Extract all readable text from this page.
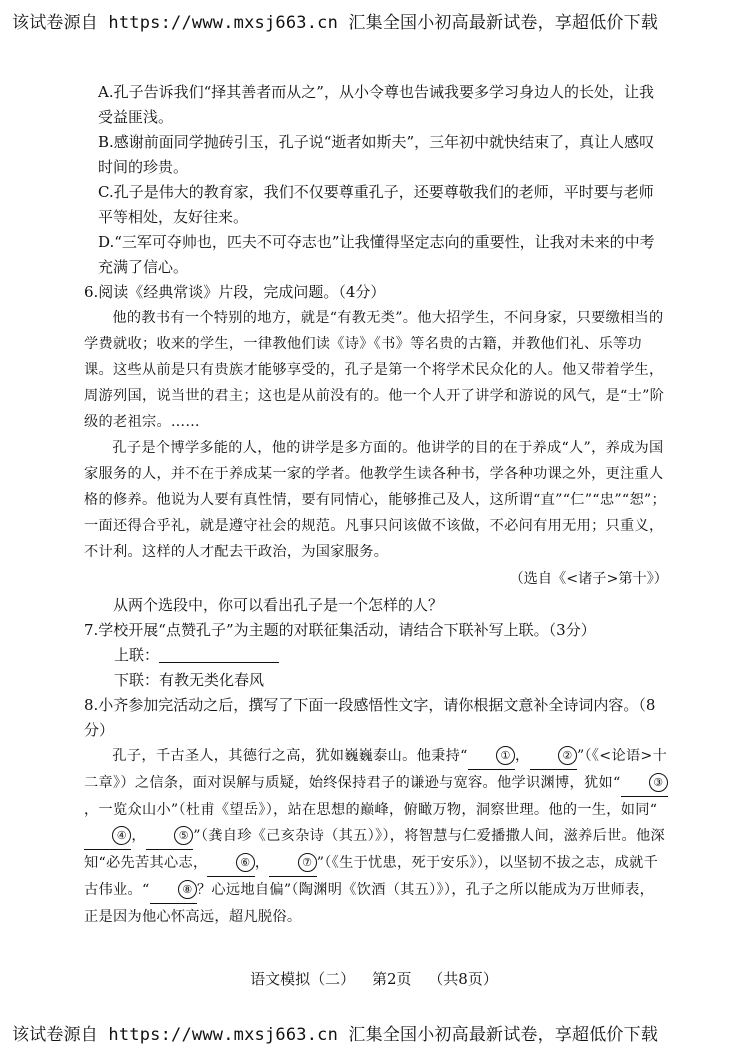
该试卷源自 https://www.mxsj663.cn 汇集全国小初高最新试卷，享超低价下载

A.孔子告诉我们“择其善者而从之”，从小令尊也告诫我要多学习身边人的长处，让我受益匪浅。

B.感谢前面同学抛砖引玉，孔子说“逝者如斯夫”，三年初中就快结束了，真让人感叹时间的珍贵。

C.孔子是伟大的教育家，我们不仅要尊重孔子，还要尊敬我们的老师，平时要与老师平等相处，友好往来。

D.“三军可夺帅也，匹夫不可夺志也”让我懂得坚定志向的重要性，让我对未来的中考充满了信心。

6.阅读《经典常谈》片段，完成问题。（4分）

他的教书有一个特别的地方，就是“有教无类”。他大招学生，不问身家，只要缴相当的学费就收；收来的学生，一律教他们读《诗》《书》等名贵的古籍，并教他们礼、乐等功课。这些从前是只有贵族才能够享受的，孔子是第一个将学术民众化的人。他又带着学生，周游列国，说当世的君主；这也是从前没有的。他一个人开了讲学和游说的风气，是“士”阶级的老祖宗。……

孔子是个博学多能的人，他的讲学是多方面的。他讲学的目的在于养成“人”，养成为国家服务的人，并不在于养成某一家的学者。他教学生读各种书，学各种功课之外，更注重人格的修养。他说为人要有真性情，要有同情心，能够推己及人，这所谓“直”“仁”“忠”“恕”；一面还得合乎礼，就是遵守社会的规范。凡事只问该做不该做，不必问有用无用；只重义，不计利。这样的人才配去干政治，为国家服务。

（选自《<诸子>第十》）

从两个选段中，你可以看出孔子是一个怎样的人？

7.学校开展“点赞孔子”为主题的对联征集活动，请结合下联补写上联。（3分）

上联：

下联：有教无类化春风

8.小齐参加完活动之后，撰写了下面一段感悟性文字，请你根据文意补全诗词内容。（8分）

孔子，千古圣人，其德行之高，犹如巍巍泰山。他秉持“	① ，	② ”（《<论语>十二章》）之信条，面对误解与质疑，始终保持君子的谦逊与宽容。他学识渊博，犹如“	③，一览众山小”（杜甫《望岳》），站在思想的巅峰，俯瞰万物，洞察世理。他的一生，如同“④ ，	⑤ ”（龚自珍《己亥杂诗（其五）》），将智慧与仁爱播撒人间，滋养后世。他深知“必先苦其心志，	⑥ ，	⑦ ”（《生于忧患，死于安乐》），以坚韧不拔之志，成就千古伟业。“	⑧ ？心远地自偏”（陶渊明《饮酒（其五）》），孔子之所以能成为万世师表，正是因为他心怀高远，超凡脱俗。

语文模拟（二） 第2页 （共8页）
该试卷源自 https://www.mxsj663.cn 汇集全国小初高最新试卷，享超低价下载
